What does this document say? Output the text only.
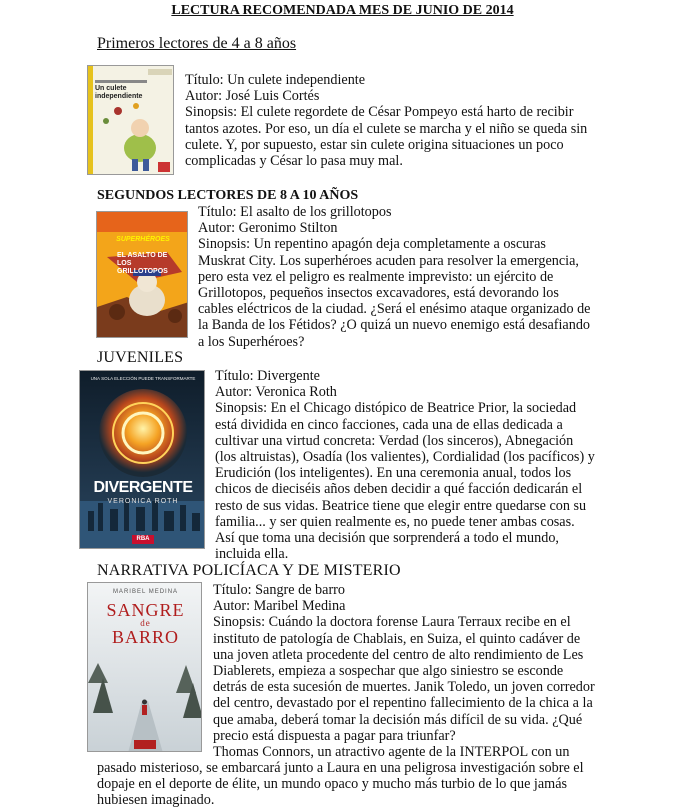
LECTURA RECOMENDADA MES DE JUNIO DE 2014
Primeros lectores de 4 a 8 años
Un culete independiente

Título: Un culete independiente

Autor: José Luis Cortés

Sinopsis: El culete regordete de César Pompeyo está harto de recibir tantos azotes. Por eso, un día el culete se marcha y el niño se queda sin culete. Y, por supuesto, estar sin culete origina situaciones un poco complicadas y César lo pasa muy mal.

SEGUNDOS LECTORES DE 8 A 10 AÑOS
SUPERHÉROES
EL ASALTO DE
LOS GRILLOTOPOS

Título: El asalto de los grillotopos

Autor: Geronimo Stilton

Sinopsis: Un repentino apagón deja completamente a oscuras Muskrat City. Los superhéroes acuden para resolver la emergencia, pero esta vez el peligro es realmente imprevisto: un ejército de Grillotopos, pequeños insectos excavadores, está devorando los cables eléctricos de la ciudad. ¿Será el enésimo ataque organizado de la Banda de los Fétidos? ¿O quizá un nuevo enemigo está desafiando a los Superhéroes?

JUVENILES
UNA SOLA ELECCIÓN PUEDE TRANSFORMARTE
DIVERGENTE
VERONICA ROTH
RBA

Título: Divergente

Autor: Veronica Roth

Sinopsis: En el Chicago distópico de Beatrice Prior, la sociedad está dividida en cinco facciones, cada una de ellas dedicada a cultivar una virtud concreta: Verdad (los sinceros), Abnegación (los altruistas), Osadía (los valientes), Cordialidad (los pacíficos) y Erudición (los inteligentes). En una ceremonia anual, todos los chicos de dieciséis años deben decidir a qué facción dedicarán el resto de sus vidas. Beatrice tiene que elegir entre quedarse con su familia... y ser quien realmente es, no puede tener ambas cosas. Así que toma una decisión que sorprenderá a todo el mundo, incluida ella.

NARRATIVA POLICÍACA Y DE MISTERIO
MARIBEL MEDINA
SANGRE
de
BARRO

Título: Sangre de barro

Autor: Maribel Medina

Sinopsis: Cuándo la doctora forense Laura Terraux recibe en el instituto de patología de Chablais, en Suiza, el quinto cadáver de una joven atleta procedente del centro de alto rendimiento de Les Diablerets, empieza a sospechar que algo siniestro se esconde detrás de esta sucesión de muertes. Janik Toledo, un joven corredor del centro, devastado por el repentino fallecimiento de la chica a la que amaba, deberá tomar la decisión más difícil de su vida. ¿Qué precio está dispuesta a pagar para triunfar?

Thomas Connors, un atractivo agente de la INTERPOL con un

pasado misterioso, se embarcará junto a Laura en una peligrosa investigación sobre el dopaje en el deporte de élite, un mundo opaco y mucho más turbio de lo que jamás hubiesen imaginado.
